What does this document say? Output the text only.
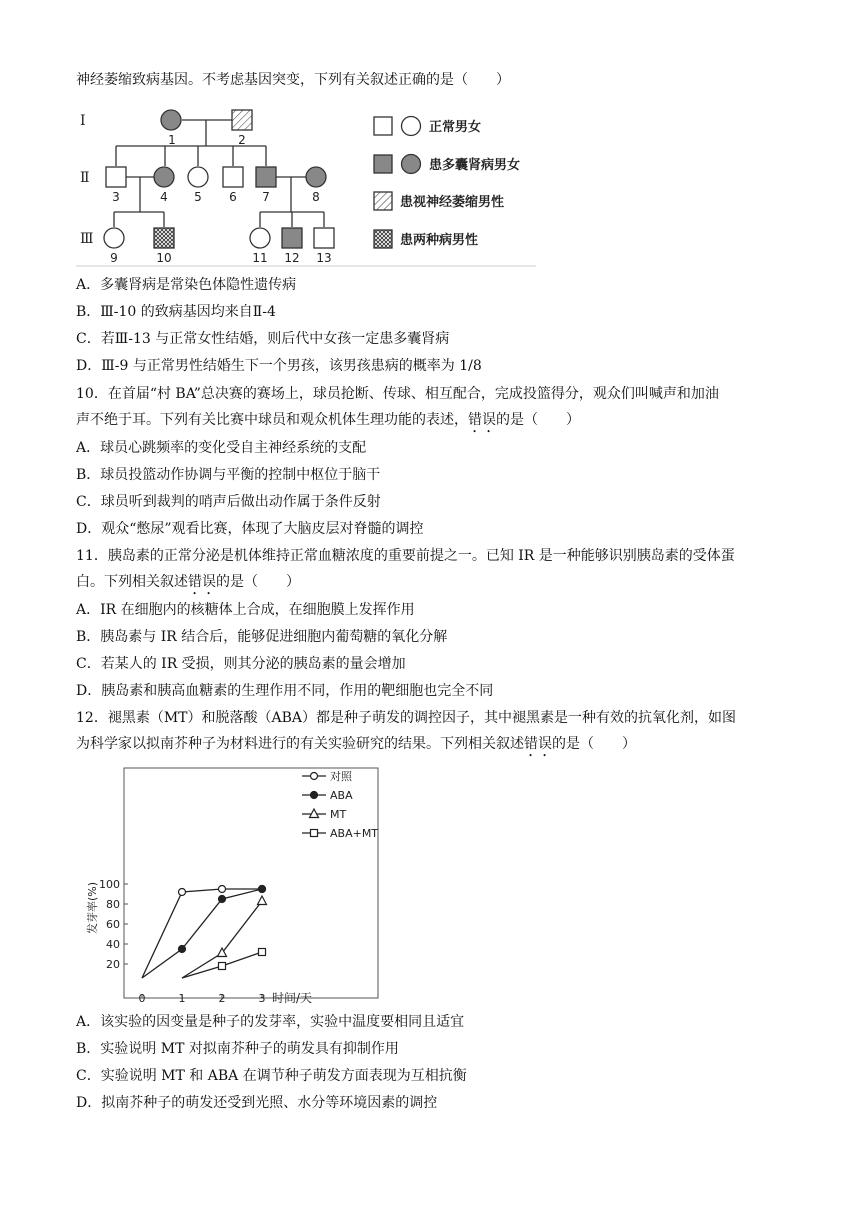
神经萎缩致病基因。不考虑基因突变，下列有关叙述正确的是（　　）
Ⅰ
Ⅱ
Ⅲ
1	2
3	4 5 6 7	8
9	10	11 12 13
正常男女
患多囊肾病男女
患视神经萎缩男性
患两种病男性
A．多囊肾病是常染色体隐性遗传病
B．Ⅲ-10 的致病基因均来自Ⅱ-4
C．若Ⅲ-13 与正常女性结婚，则后代中女孩一定患多囊肾病
D．Ⅲ-9 与正常男性结婚生下一个男孩，该男孩患病的概率为 1/8
10．在首届“村 BA”总决赛的赛场上，球员抢断、传球、相互配合，完成投篮得分，观众们叫喊声和加油
声不绝于耳。下列有关比赛中球员和观众机体生理功能的表述，错误的是（　　）
A．球员心跳频率的变化受自主神经系统的支配
B．球员投篮动作协调与平衡的控制中枢位于脑干
C．球员听到裁判的哨声后做出动作属于条件反射
D．观众“憋尿”观看比赛，体现了大脑皮层对脊髓的调控
11．胰岛素的正常分泌是机体维持正常血糖浓度的重要前提之一。已知 IR 是一种能够识别胰岛素的受体蛋
白。下列相关叙述错误的是（　　）
A．IR 在细胞内的核糖体上合成，在细胞膜上发挥作用
B．胰岛素与 IR 结合后，能够促进细胞内葡萄糖的氧化分解
C．若某人的 IR 受损，则其分泌的胰岛素的量会增加
D．胰岛素和胰高血糖素的生理作用不同，作用的靶细胞也完全不同
12．褪黑素（MT）和脱落酸（ABA）都是种子萌发的调控因子，其中褪黑素是一种有效的抗氧化剂，如图
为科学家以拟南芥种子为材料进行的有关实验研究的结果。下列相关叙述错误的是（　　）
20
40
60
80
100
0	1	2	3
对照
ABA
MT
ABA+MT
发芽率(%)
时间/天
A．该实验的因变量是种子的发芽率，实验中温度要相同且适宜
B．实验说明 MT 对拟南芥种子的萌发具有抑制作用
C．实验说明 MT 和 ABA 在调节种子萌发方面表现为互相抗衡
D．拟南芥种子的萌发还受到光照、水分等环境因素的调控
